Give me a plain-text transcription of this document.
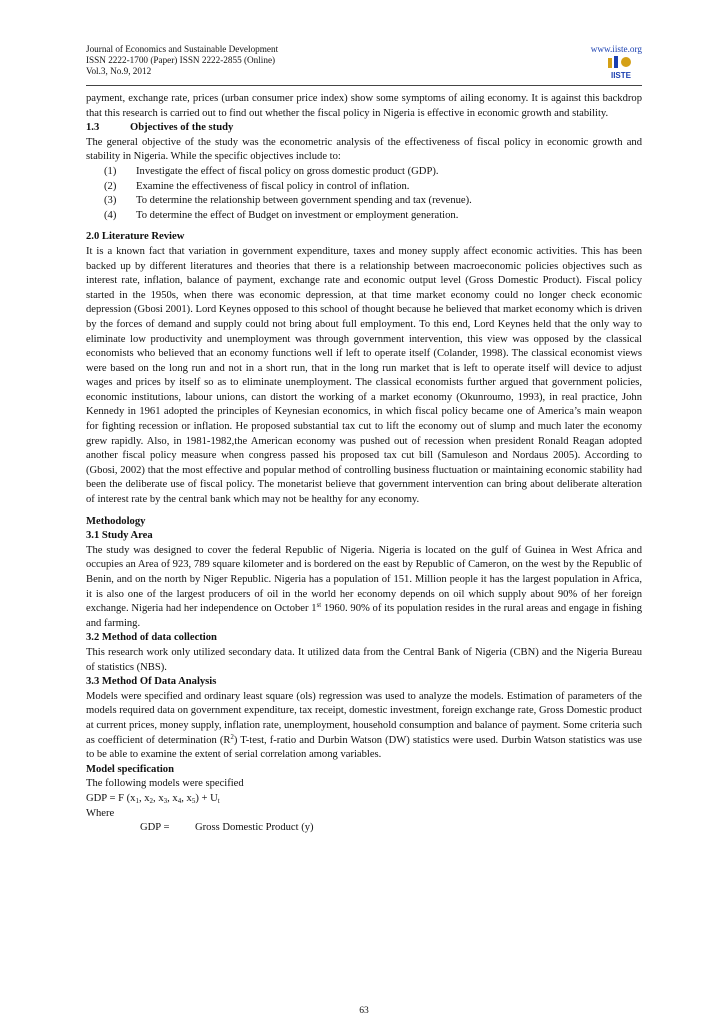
Journal of Economics and Sustainable Development
ISSN 2222-1700 (Paper) ISSN 2222-2855 (Online)
Vol.3, No.9, 2012
www.iiste.org
IISTE

payment, exchange rate, prices (urban consumer price index) show some symptoms of ailing economy. It is against this backdrop that this research is carried out to find out whether the fiscal policy in Nigeria is effective in economic growth and stability.

1.3	Objectives of the study

The general objective of the study was the econometric analysis of the effectiveness of fiscal policy in economic growth and stability in Nigeria. While the specific objectives include to:

(1) Investigate the effect of fiscal policy on gross domestic product (GDP).
(2) Examine the effectiveness of fiscal policy in control of inflation.
(3) To determine the relationship between government spending and tax (revenue).
(4) To determine the effect of Budget on investment or employment generation.
2.0 Literature Review

It is a known fact that variation in government expenditure, taxes and money supply affect economic activities. This has been backed up by different literatures and theories that there is a relationship between macroeconomic policies objectives such as interest rate, inflation, balance of payment, exchange rate and economic output level (Gross Domestic Product). Fiscal policy started in the 1950s, when there was economic depression, at that time market economy could no longer check economic depression (Gbosi 2001). Lord Keynes opposed to this school of thought because he believed that market economy which is driven by the forces of demand and supply could not bring about full employment. To this end, Lord Keynes held that the only way to eliminate low productivity and unemployment was through government intervention, this view was opposed by the classical economists who believed that an economy functions well if left to operate itself (Colander, 1998). The classical economist views were based on the long run and not in a short run, that in the long run market that is left to operate itself will device to adjust wages and prices by itself so as to eliminate unemployment. The classical economists further argued that government policies, economic institutions, labour unions, can distort the working of a market economy (Okunroumo, 1993), in real practice, John Kennedy in 1961 adopted the principles of Keynesian economics, in which fiscal policy became one of America’s main weapon for fighting recession or inflation. He proposed substantial tax cut to lift the economy out of slump and much later the economy grew rapidly. Also, in 1981-1982,the American economy was pushed out of recession when president Ronald Reagan adopted another fiscal policy measure when congress passed his proposed tax cut bill (Samuleson and Nordaus 2005). According to (Gbosi, 2002) that the most effective and popular method of controlling business fluctuation or maintaining economic stability had been the deliberate use of fiscal policy. The monetarist believe that government intervention can bring about deliberate alteration of interest rate by the central bank which may not be healthy for any economy.

Methodology
3.1 Study Area

The study was designed to cover the federal Republic of Nigeria. Nigeria is located on the gulf of Guinea in West Africa and occupies an Area of 923, 789 square kilometer and is bordered on the east by Republic of Cameron, on the west by the Republic of Benin, and on the north by Niger Republic. Nigeria has a population of 151. Million people it has the largest population in Africa, it is also one of the largest producers of oil in the world her economy depends on oil which supply about 90% of her foreign exchange. Nigeria had her independence on October 1st 1960. 90% of its population resides in the rural areas and engage in fishing and farming.

3.2 Method of data collection

This research work only utilized secondary data. It utilized data from the Central Bank of Nigeria (CBN) and the Nigeria Bureau of statistics (NBS).

3.3 Method Of Data Analysis

Models were specified and ordinary least square (ols) regression was used to analyze the models. Estimation of parameters of the models required data on government expenditure, tax receipt, domestic investment, foreign exchange rate, Gross Domestic product at current prices, money supply, inflation rate, unemployment, household consumption and balance of payment. Some criteria such as coefficient of determination $(R^2)$ T-test, f-ratio and Durbin Watson (DW) statistics were used. Durbin Watson statistics was use to be able to examine the extent of serial correlation among variables.

Model specification

The following models were specified

GDP = F ($x_1$, $x_2$, $x_3$, $x_4$, $x_5) + U_t$
Where
GDP = Gross Domestic Product (y)
63
